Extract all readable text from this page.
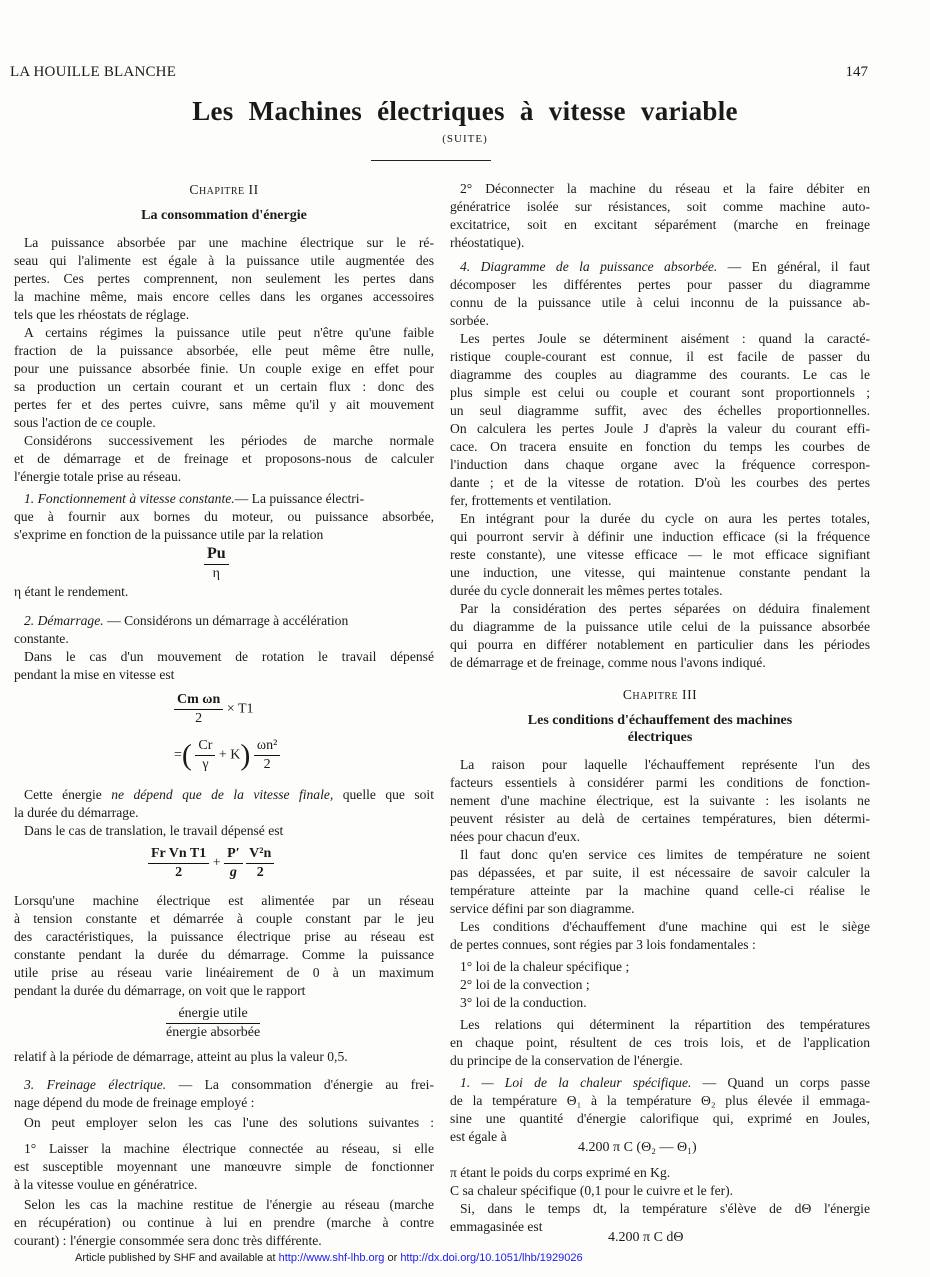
LA HOUILLE BLANCHE	147
Les Machines électriques à vitesse variable
(SUITE)
Chapitre II
La consommation d'énergie
La puissance absorbée par une machine électrique sur le ré-
seau qui l'alimente est égale à la puissance utile augmentée des
pertes. Ces pertes comprennent, non seulement les pertes dans
la machine même, mais encore celles dans les organes accessoires
tels que les rhéostats de réglage.
A certains régimes la puissance utile peut n'être qu'une faible
fraction de la puissance absorbée, elle peut même être nulle,
pour une puissance absorbée finie. Un couple exige en effet pour
sa production un certain courant et un certain flux : donc des
pertes fer et des pertes cuivre, sans même qu'il y ait mouvement
sous l'action de ce couple.
Considérons successivement les périodes de marche normale
et de démarrage et de freinage et proposons-nous de calculer
l'énergie totale prise au réseau.
1. Fonctionnement à vitesse constante.— La puissance électri-
que à fournir aux bornes du moteur, ou puissance absorbée,
s'exprime en fonction de la puissance utile par la relation
$\frac{Pu}{\eta}$
η étant le rendement.
2. Démarrage. — Considérons un démarrage à accélération
constante.
Dans le cas d'un mouvement de rotation le travail dépensé
pendant la mise en vitesse est
$\frac{\text{Cm ωn}}{2} \times T1$
=( $\frac{Cr}{\gamma} + K) \frac{\text{ωn²}}{2}$
Cette énergie ne dépend que de la vitesse finale, quelle que soit
la durée du démarrage.
Dans le cas de translation, le travail dépensé est
$\frac{\text{Fr Vn T1}}{2} + \frac{P'}{g}$
$\frac{\text{V²n}}{2}$
Lorsqu'une machine électrique est alimentée par un réseau
à tension constante et démarrée à couple constant par le jeu
des caractéristiques, la puissance électrique prise au réseau est
constante pendant la durée du démarrage. Comme la puissance
utile prise au réseau varie linéairement de 0 à un maximum
pendant la durée du démarrage, on voit que le rapport
$\frac{\text{énergie utile}}{\text{énergie absorbée}}$
relatif à la période de démarrage, atteint au plus la valeur 0,5.
3. Freinage électrique. — La consommation d'énergie au frei-
nage dépend du mode de freinage employé :
On peut employer selon les cas l'une des solutions suivantes :
1° Laisser la machine électrique connectée au réseau, si elle
est susceptible moyennant une manœuvre simple de fonctionner
à la vitesse voulue en génératrice.
Selon les cas la machine restitue de l'énergie au réseau (marche
en récupération) ou continue à lui en prendre (marche à contre
courant) : l'énergie consommée sera donc très différente.
2° Déconnecter la machine du réseau et la faire débiter en
génératrice isolée sur résistances, soit comme machine auto-
excitatrice, soit en excitant séparément (marche en freinage
rhéostatique).
4. Diagramme de la puissance absorbée. — En général, il faut
décomposer les différentes pertes pour passer du diagramme
connu de la puissance utile à celui inconnu de la puissance ab-
sorbée.
Les pertes Joule se déterminent aisément : quand la caracté-
ristique couple-courant est connue, il est facile de passer du
diagramme des couples au diagramme des courants. Le cas le
plus simple est celui ou couple et courant sont proportionnels ;
un seul diagramme suffit, avec des échelles proportionnelles.
On calculera les pertes Joule J d'après la valeur du courant effi-
cace. On tracera ensuite en fonction du temps les courbes de
l'induction dans chaque organe avec la fréquence correspon-
dante ; et de la vitesse de rotation. D'où les courbes des pertes
fer, frottements et ventilation.
En intégrant pour la durée du cycle on aura les pertes totales,
qui pourront servir à définir une induction efficace (si la fréquence
reste constante), une vitesse efficace — le mot efficace signifiant
une induction, une vitesse, qui maintenue constante pendant la
durée du cycle donnerait les mêmes pertes totales.
Par la considération des pertes séparées on déduira finalement
du diagramme de la puissance utile celui de la puissance absorbée
qui pourra en différer notablement en particulier dans les périodes
de démarrage et de freinage, comme nous l'avons indiqué.
Chapitre III
Les conditions d'échauffement des machines
électriques
La raison pour laquelle l'échauffement représente l'un des
facteurs essentiels à considérer parmi les conditions de fonction-
nement d'une machine électrique, est la suivante : les isolants ne
peuvent résister au delà de certaines températures, bien détermi-
nées pour chacun d'eux.
Il faut donc qu'en service ces limites de température ne soient
pas dépassées, et par suite, il est nécessaire de savoir calculer la
température atteinte par la machine quand celle-ci réalise le
service défini par son diagramme.
Les conditions d'échauffement d'une machine qui est le siège
de pertes connues, sont régies par 3 lois fondamentales :
1° loi de la chaleur spécifique ;
2° loi de la convection ;
3° loi de la conduction.
Les relations qui déterminent la répartition des températures
en chaque point, résultent de ces trois lois, et de l'application
du principe de la conservation de l'énergie.
1. — Loi de la chaleur spécifique. — Quand un corps passe
de la température Θ₁ à la température Θ₂ plus élevée il emmaga-
sine une quantité d'énergie calorifique qui, exprimé en Joules,
est égale à
4.200 π C (Θ₂ — Θ₁)
π étant le poids du corps exprimé en Kg.
C sa chaleur spécifique (0,1 pour le cuivre et le fer).
Si, dans le temps dt, la température s'élève de dΘ l'énergie
emmagasinée est
4.200 π C dΘ
Article published by SHF and available at http://www.shf-lhb.org or http://dx.doi.org/10.1051/lhb/1929026
